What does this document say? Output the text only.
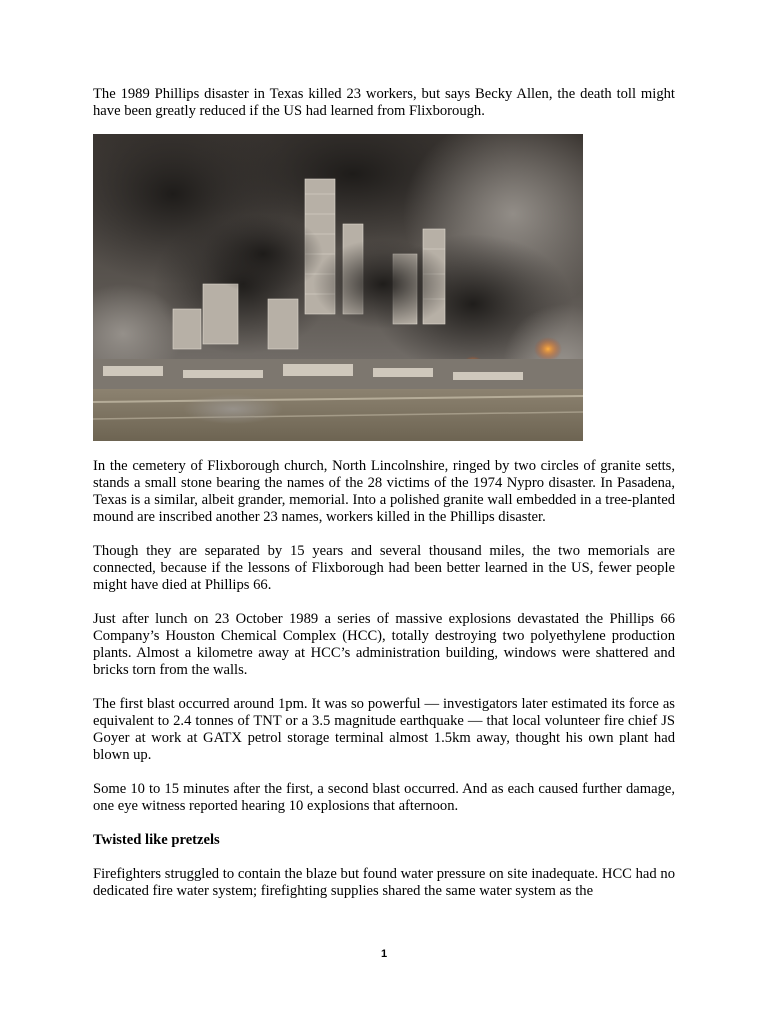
The 1989 Phillips disaster in Texas killed 23 workers, but says Becky Allen, the death toll might have been greatly reduced if the US had learned from Flixborough.

In the cemetery of Flixborough church, North Lincolnshire, ringed by two circles of granite setts, stands a small stone bearing the names of the 28 victims of the 1974 Nypro disaster. In Pasadena, Texas is a similar, albeit grander, memorial. Into a polished granite wall embedded in a tree-planted mound are inscribed another 23 names, workers killed in the Phillips disaster.

Though they are separated by 15 years and several thousand miles, the two memorials are connected, because if the lessons of Flixborough had been better learned in the US, fewer people might have died at Phillips 66.

Just after lunch on 23 October 1989 a series of massive explosions devastated the Phillips 66 Company’s Houston Chemical Complex (HCC), totally destroying two polyethylene production plants. Almost a kilometre away at HCC’s administration building, windows were shattered and bricks torn from the walls.

The first blast occurred around 1pm. It was so powerful — investigators later estimated its force as equivalent to 2.4 tonnes of TNT or a 3.5 magnitude earthquake — that local volunteer fire chief JS Goyer at work at GATX petrol storage terminal almost 1.5km away, thought his own plant had blown up.

Some 10 to 15 minutes after the first, a second blast occurred. And as each caused further damage, one eye witness reported hearing 10 explosions that afternoon.

Twisted like pretzels

Firefighters struggled to contain the blaze but found water pressure on site inadequate. HCC had no dedicated fire water system; firefighting supplies shared the same water system as the

1
